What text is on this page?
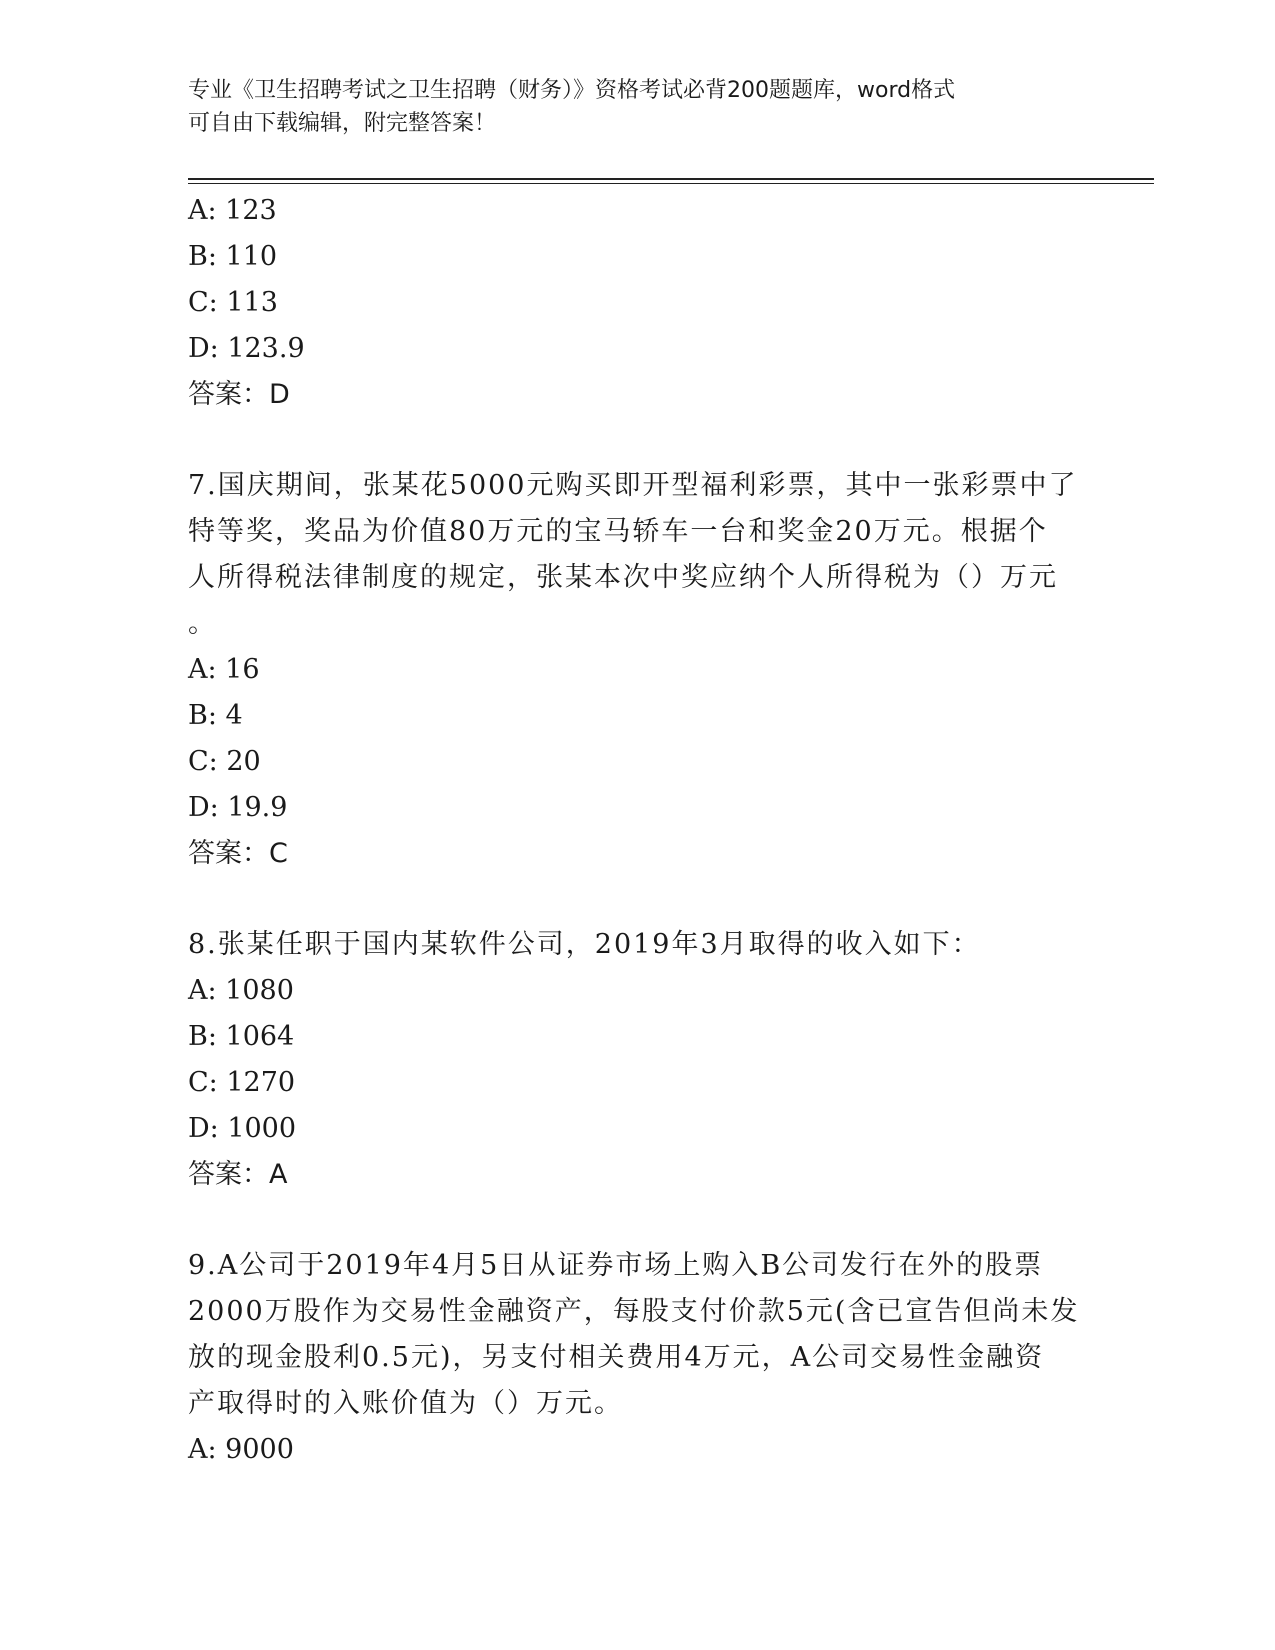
专业《卫生招聘考试之卫生招聘（财务）》资格考试必背200题题库，word格式
可自由下载编辑，附完整答案！
A: 123
B: 110
C: 113
D: 123.9
答案：D
7.国庆期间，张某花5000元购买即开型福利彩票，其中一张彩票中了
特等奖，奖品为价值80万元的宝马轿车一台和奖金20万元。根据个
人所得税法律制度的规定，张某本次中奖应纳个人所得税为（）万元
。
A: 16
B: 4
C: 20
D: 19.9
答案：C
8.张某任职于国内某软件公司，2019年3月取得的收入如下：
A: 1080
B: 1064
C: 1270
D: 1000
答案：A
9.A公司于2019年4月5日从证券市场上购入B公司发行在外的股票
2000万股作为交易性金融资产，每股支付价款5元(含已宣告但尚未发
放的现金股利0.5元)，另支付相关费用4万元，A公司交易性金融资
产取得时的入账价值为（）万元。
A: 9000
